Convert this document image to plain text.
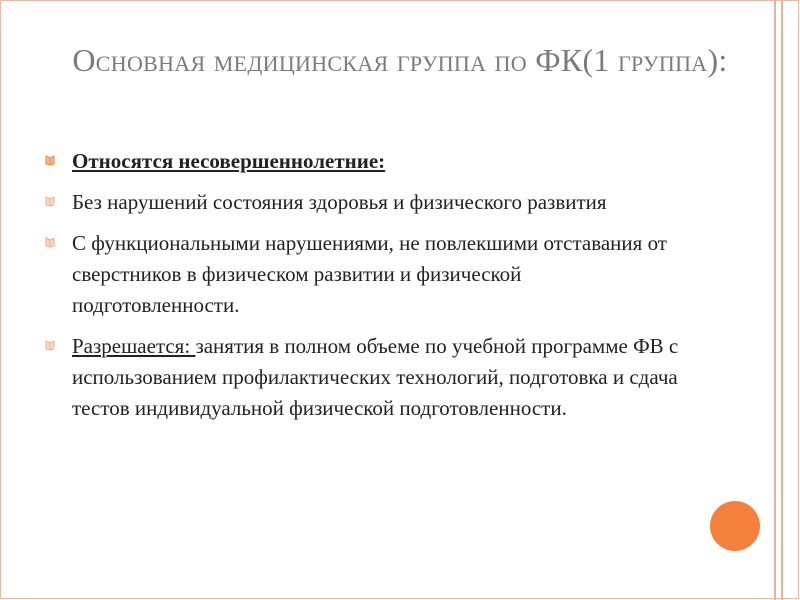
Основная медицинская группа по ФК(1 группа):
Относятся несовершеннолетние:
Без нарушений состояния здоровья и физического развития
С функциональными нарушениями, не повлекшими отставания от сверстников в физическом развитии и физической подготовленности.
Разрешается: занятия в полном объеме по учебной программе ФВ с использованием профилактических технологий, подготовка и сдача тестов индивидуальной физической подготовленности.
